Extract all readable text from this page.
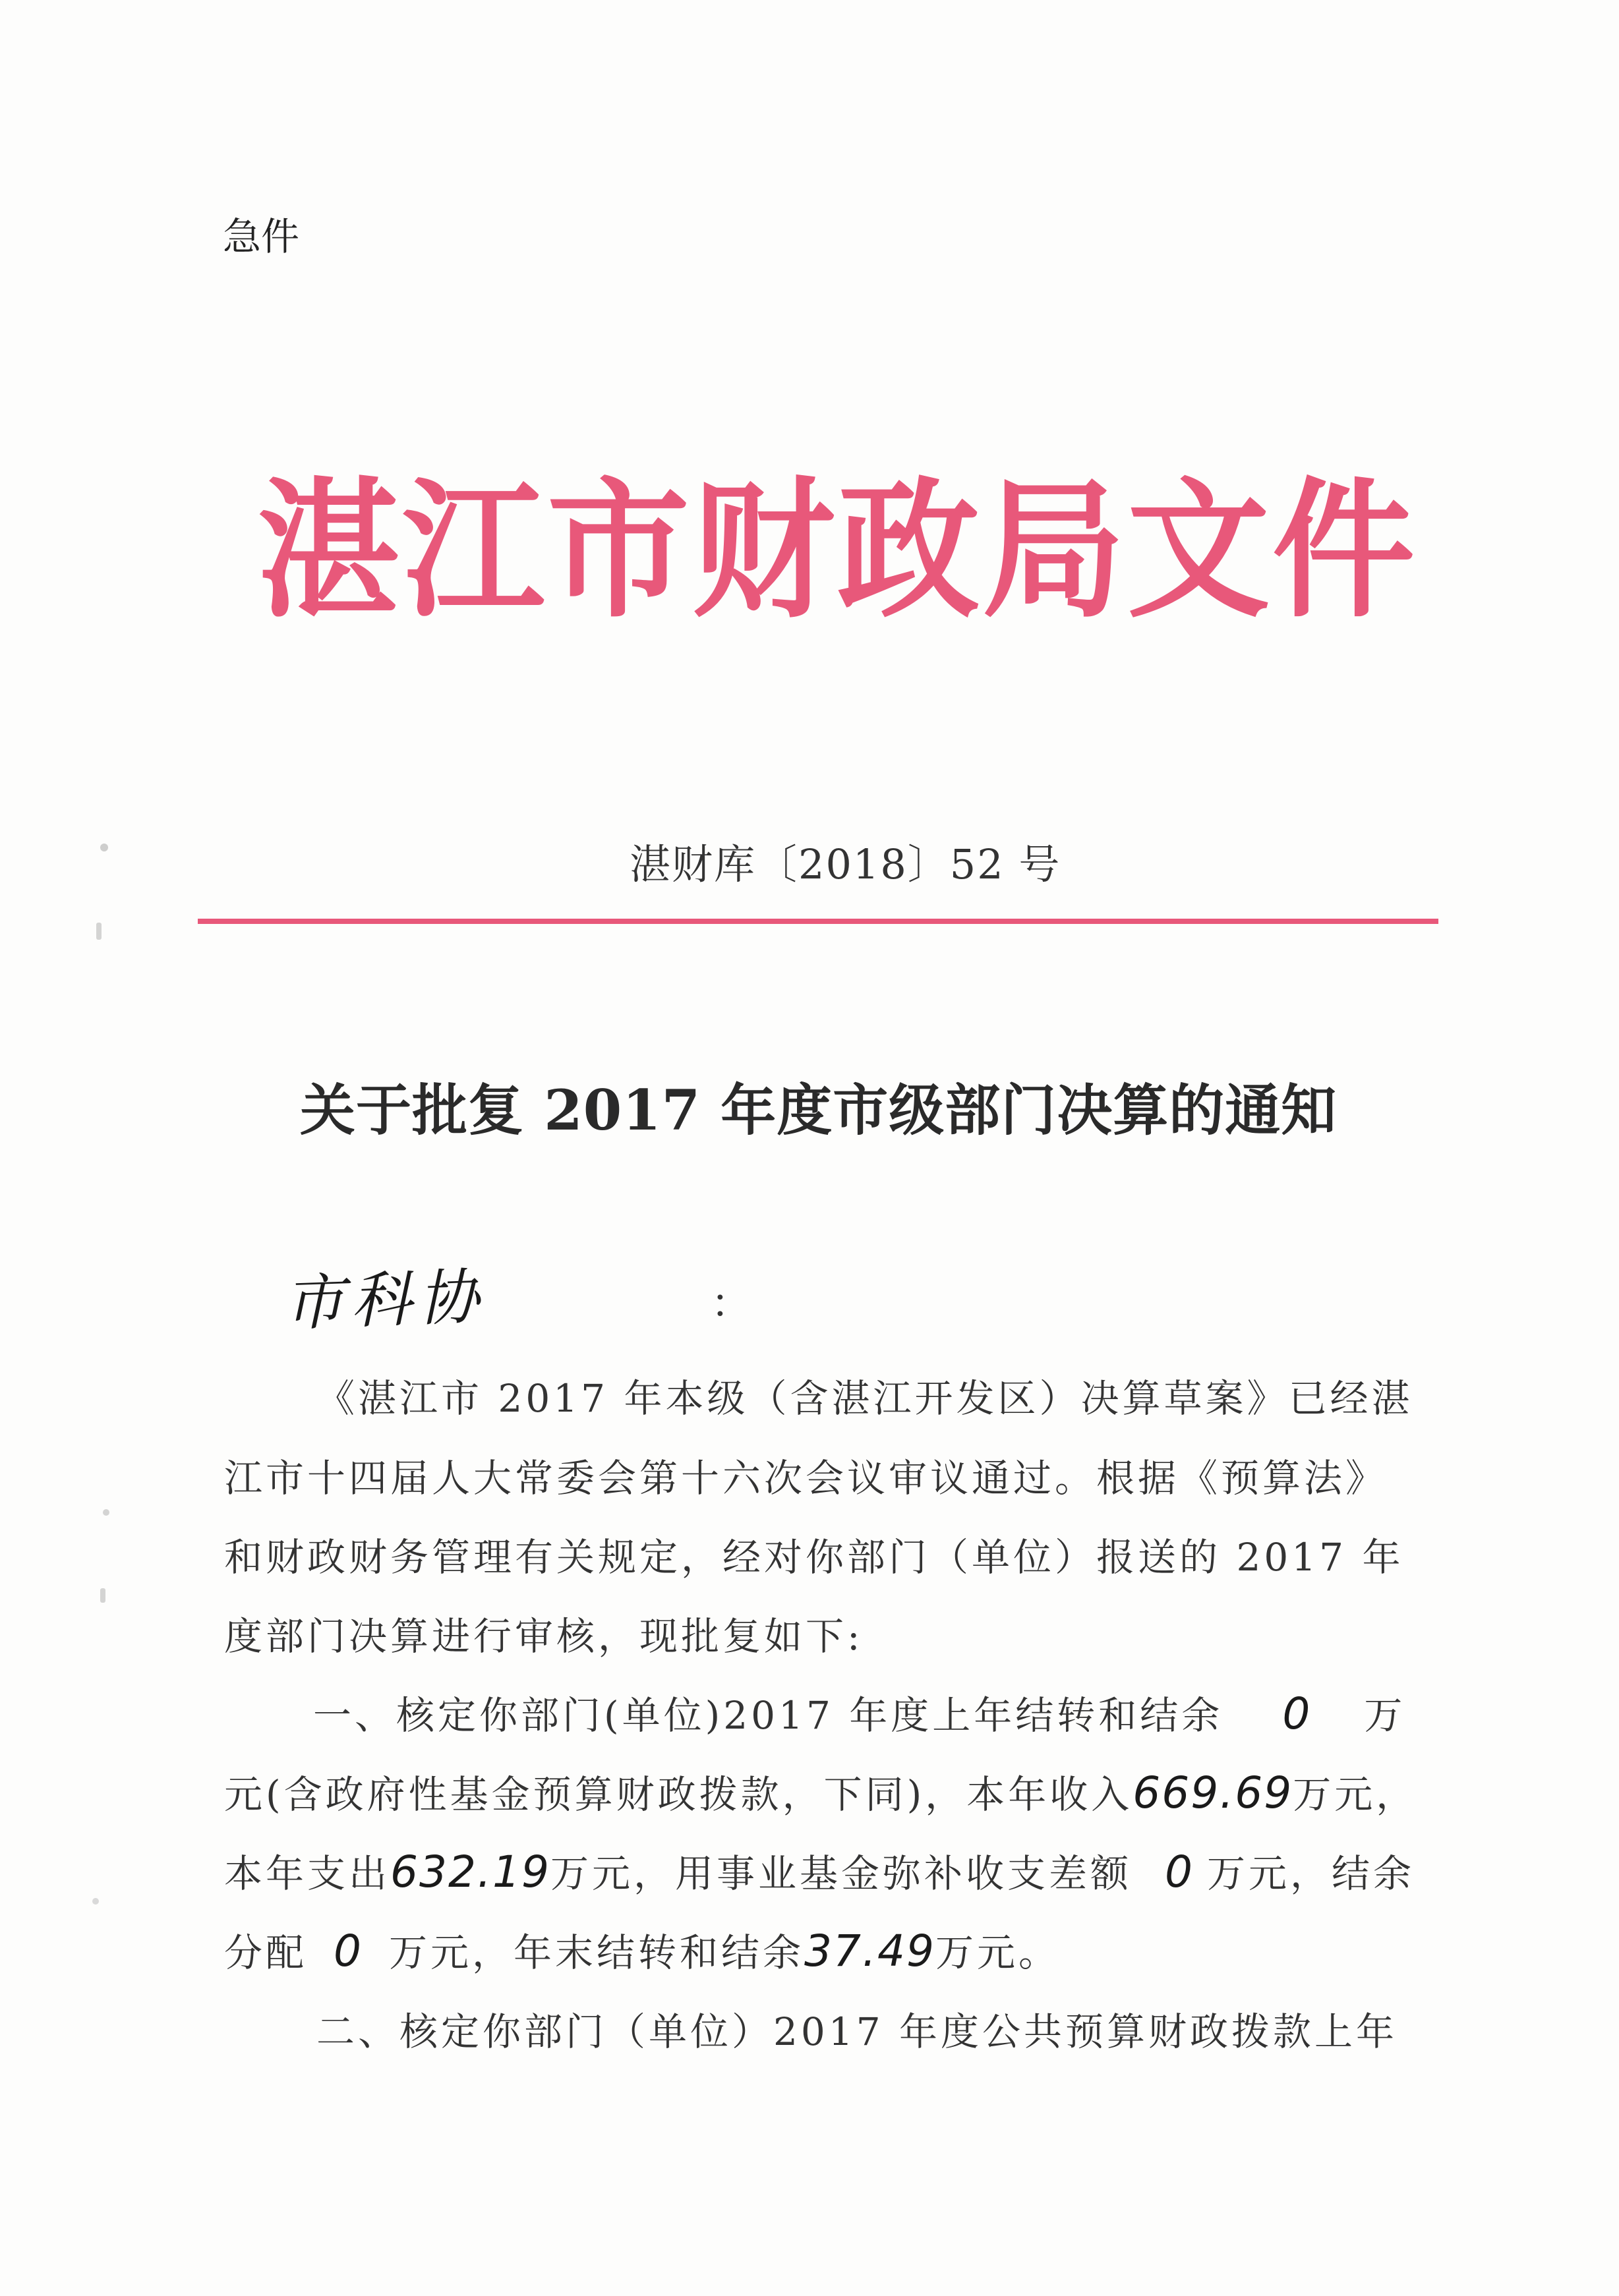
急件
湛江市财政局文件
湛财库〔2018〕52 号
关于批复 2017 年度市级部门决算的通知
市科协	：
《湛江市 2017 年本级（含湛江开发区）决算草案》已经湛
江市十四届人大常委会第十六次会议审议通过。根据《预算法》
和财政财务管理有关规定，经对你部门（单位）报送的 2017 年
度部门决算进行审核，现批复如下:
一、核定你部门(单位)2017 年度上年结转和结余 0 万
元(含政府性基金预算财政拨款，下同)，本年收入669.69万元，
本年支出632.19万元，用事业基金弥补收支差额 0 万元，结余
分配 0 万元，年末结转和结余37.49万元。
二、核定你部门（单位）2017 年度公共预算财政拨款上年
